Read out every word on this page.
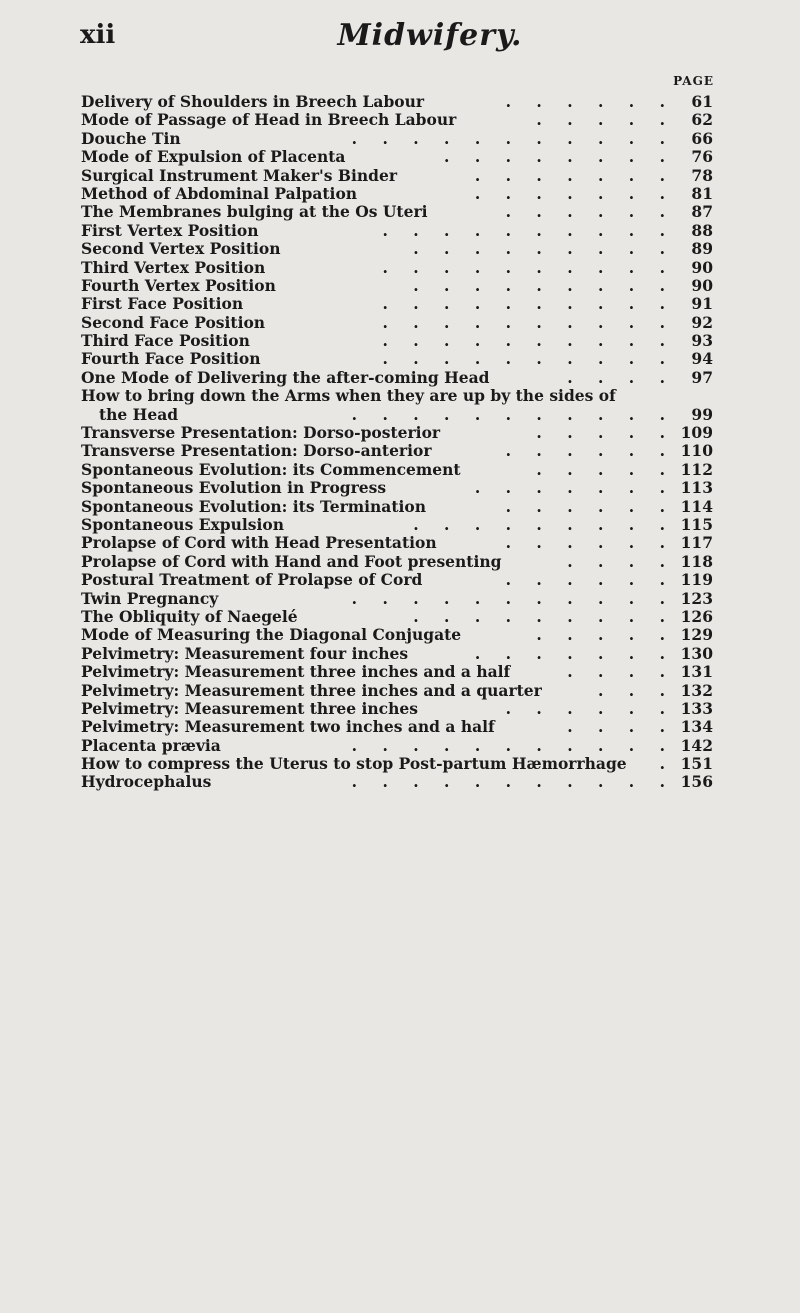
xii	Midwifery.
PAGE
Delivery of Shoulders in Breech Labour	. . . . . .	61
Mode of Passage of Head in Breech Labour	. . . . .	62
Douche Tin	. . . . . . . . . . .	66
Mode of Expulsion of Placenta	. . . . . . . .	76
Surgical Instrument Maker's Binder	. . . . . . .	78
Method of Abdominal Palpation	. . . . . . .	81
The Membranes bulging at the Os Uteri	. . . . . .	87
First Vertex Position	. . . . . . . . . .	88
Second Vertex Position	. . . . . . . . .	89
Third Vertex Position	. . . . . . . . . .	90
Fourth Vertex Position	. . . . . . . . .	90
First Face Position	. . . . . . . . . .	91
Second Face Position	. . . . . . . . . .	92
Third Face Position	. . . . . . . . . .	93
Fourth Face Position	. . . . . . . . . .	94
One Mode of Delivering the after-coming Head	. . . .	97
How to bring down the Arms when they are up by the sides of
the Head	. . . . . . . . . . .	99
Transverse Presentation: Dorso-posterior	. . . . . 109
Transverse Presentation: Dorso-anterior	. . . . . . 110
Spontaneous Evolution: its Commencement	. . . . . 112
Spontaneous Evolution in Progress	. . . . . . . 113
Spontaneous Evolution: its Termination	. . . . . . 114
Spontaneous Expulsion	. . . . . . . . . 115
Prolapse of Cord with Head Presentation	. . . . . . 117
Prolapse of Cord with Hand and Foot presenting	. . . . 118
Postural Treatment of Prolapse of Cord	. . . . . . 119
Twin Pregnancy	. . . . . . . . . . . 123
The Obliquity of Naegelé	. . . . . . . . . 126
Mode of Measuring the Diagonal Conjugate	. . . . . 129
Pelvimetry: Measurement four inches	. . . . . . . 130
Pelvimetry: Measurement three inches and a half	. . . . 131
Pelvimetry: Measurement three inches and a quarter	. . . 132
Pelvimetry: Measurement three inches	. . . . . . 133
Pelvimetry: Measurement two inches and a half	. . . . 134
Placenta prævia	. . . . . . . . . . . 142
How to compress the Uterus to stop Post-partum Hæmorrhage . 151
Hydrocephalus	. . . . . . . . . . . 156
